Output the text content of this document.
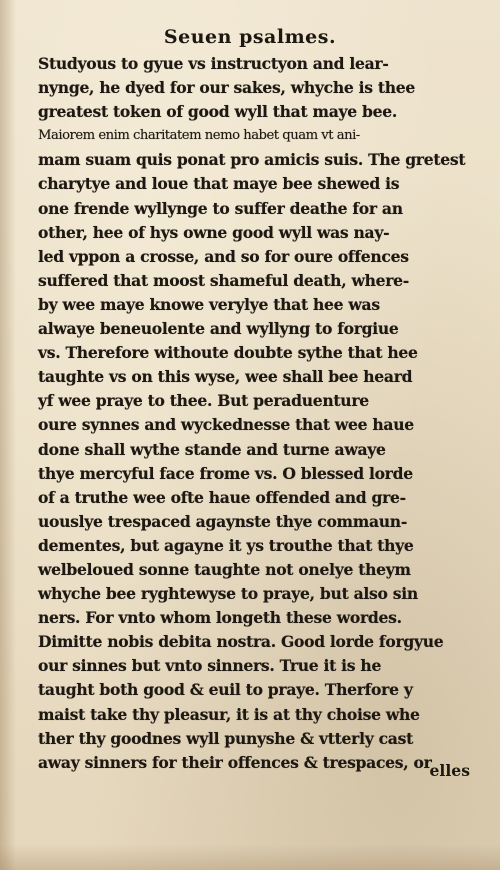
Seuen psalmes.
Studyous to gyue vs instructyon and lear-
nynge, he dyed for our sakes, whyche is thee
greatest token of good wyll that maye bee.
Maiorem enim charitatem nemo habet quam vt ani-
mam suam quis ponat pro amicis suis. The gretest
charytye and loue that maye bee shewed is
one frende wyllynge to suffer deathe for an
other, hee of hys owne good wyll was nay-
led vppon a crosse, and so for oure offences
suffered that moost shameful death, where-
by wee maye knowe verylye that hee was
alwaye beneuolente and wyllyng to forgiue
vs. Therefore withoute doubte sythe that hee
taughte vs on this wyse, wee shall bee heard
yf wee praye to thee. But peraduenture
oure synnes and wyckednesse that wee haue
done shall wythe stande and turne awaye
thye mercyful face frome vs. O blessed lorde
of a truthe wee ofte haue offended and gre-
uouslye trespaced agaynste thye commaun-
dementes, but agayne it ys trouthe that thye
welbeloued sonne taughte not onelye theym
whyche bee ryghtewyse to praye, but also sin
ners. For vnto whom longeth these wordes.
Dimitte nobis debita nostra. Good lorde forgyue
our sinnes but vnto sinners. True it is he
taught both good & euil to praye. Therfore y
maist take thy pleasur, it is at thy choise whe
ther thy goodnes wyll punyshe & vtterly cast
away sinners for their offences & trespaces, or
elles
